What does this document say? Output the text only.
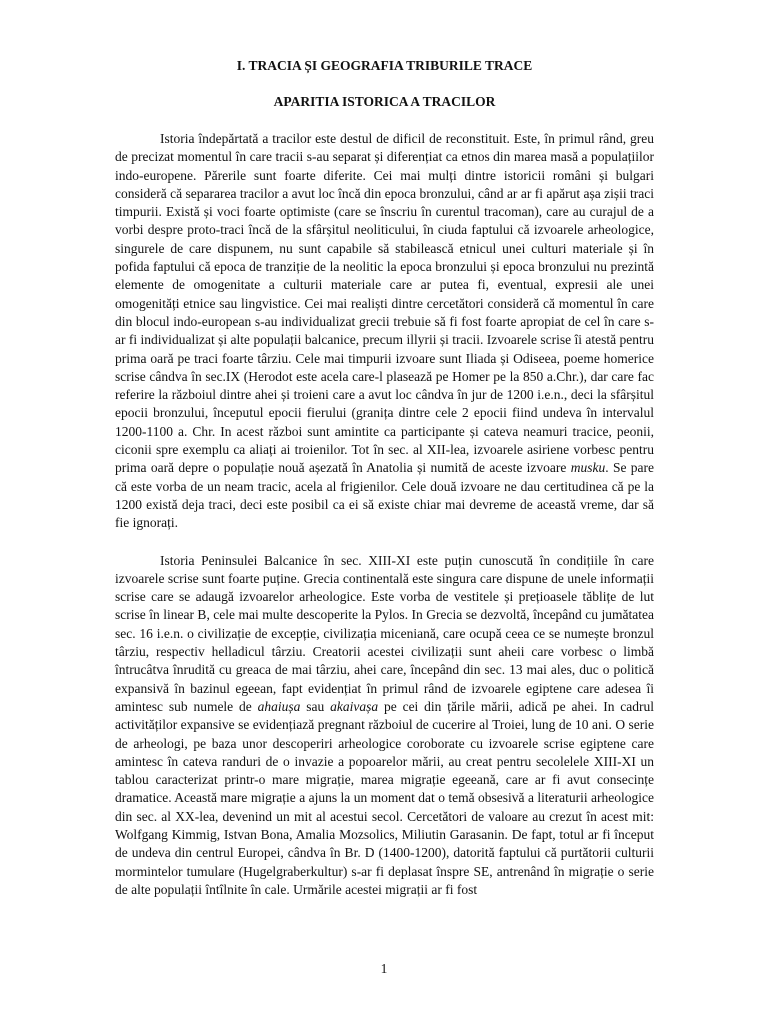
I. TRACIA ȘI GEOGRAFIA TRIBURILE TRACE
APARITIA ISTORICA A TRACILOR

Istoria îndepărtată a tracilor este destul de dificil de reconstituit. Este, în primul rând, greu de precizat momentul în care tracii s-au separat și diferențiat ca etnos din marea masă a populațiilor indo-europene. Părerile sunt foarte diferite. Cei mai mulți dintre istoricii români și bulgari consideră că separarea tracilor a avut loc încă din epoca bronzului, când ar ar fi apărut așa zișii traci timpurii. Există și voci foarte optimiste (care se înscriu în curentul tracoman), care au curajul de a vorbi despre proto-traci încă de la sfârșitul neoliticului, în ciuda faptului că izvoarele arheologice, singurele de care dispunem, nu sunt capabile să stabilească etnicul unei culturi materiale și în pofida faptului că epoca de tranziție de la neolitic la epoca bronzului și epoca bronzului nu prezintă elemente de omogenitate a culturii materiale care ar putea fi, eventual, expresii ale unei omogenități etnice sau lingvistice. Cei mai realiști dintre cercetători consideră că momentul în care din blocul indo-european s-au individualizat grecii trebuie să fi fost foarte apropiat de cel în care s-ar fi individualizat și alte populații balcanice, precum illyrii și tracii. Izvoarele scrise îi atestă pentru prima oară pe traci foarte târziu. Cele mai timpurii izvoare sunt Iliada și Odiseea, poeme homerice scrise cândva în sec.IX (Herodot este acela care-l plasează pe Homer pe la 850 a.Chr.), dar care fac referire la războiul dintre ahei și troieni care a avut loc cândva în jur de 1200 i.e.n., deci la sfârșitul epocii bronzului, începutul epocii fierului (granița dintre cele 2 epocii fiind undeva în intervalul 1200-1100 a. Chr. In acest război sunt amintite ca participante și cateva neamuri tracice, peonii, ciconii spre exemplu ca aliați ai troienilor. Tot în sec. al XII-lea, izvoarele asiriene vorbesc pentru prima oară depre o populație nouă așezată în Anatolia și numită de aceste izvoare musku. Se pare că este vorba de un neam tracic, acela al frigienilor. Cele două izvoare ne dau certitudinea că pe la 1200 există deja traci, deci este posibil ca ei să existe chiar mai devreme de această vreme, dar să fie ignorați.

Istoria Peninsulei Balcanice în sec. XIII-XI este puțin cunoscută în condițiile în care izvoarele scrise sunt foarte puține. Grecia continentală este singura care dispune de unele informații scrise care se adaugă izvoarelor arheologice. Este vorba de vestitele și prețioasele tăblițe de lut scrise în linear B, cele mai multe descoperite la Pylos. In Grecia se dezvoltă, începând cu jumătatea sec. 16 i.e.n. o civilizație de excepție, civilizația miceniană, care ocupă ceea ce se numește bronzul târziu, respectiv helladicul târziu. Creatorii acestei civilizații sunt aheii care vorbesc o limbă întrucâtva înrudită cu greaca de mai târziu, ahei care, începând din sec. 13 mai ales, duc o politică expansivă în bazinul egeean, fapt evidențiat în primul rând de izvoarele egiptene care adesea îi amintesc sub numele de ahaiușa sau akaivașa pe cei din țările mării, adică pe ahei. In cadrul activităților expansive se evidențiază pregnant războiul de cucerire al Troiei, lung de 10 ani. O serie de arheologi, pe baza unor descoperiri arheologice coroborate cu izvoarele scrise egiptene care amintesc în cateva randuri de o invazie a popoarelor mării, au creat pentru secolelele XIII-XI un tablou caracterizat printr-o mare migrație, marea migrație egeeană, care ar fi avut consecințe dramatice. Această mare migrație a ajuns la un moment dat o temă obsesivă a literaturii arheologice din sec. al XX-lea, devenind un mit al acestui secol. Cercetători de valoare au crezut în acest mit: Wolfgang Kimmig, Istvan Bona, Amalia Mozsolics, Miliutin Garasanin. De fapt, totul ar fi început de undeva din centrul Europei, cândva în Br. D (1400-1200), datorită faptului că purtătorii culturii mormintelor tumulare (Hugelgraberkultur) s-ar fi deplasat înspre SE, antrenând în migrație o serie de alte populații întîlnite în cale. Urmările acestei migrații ar fi fost

1
